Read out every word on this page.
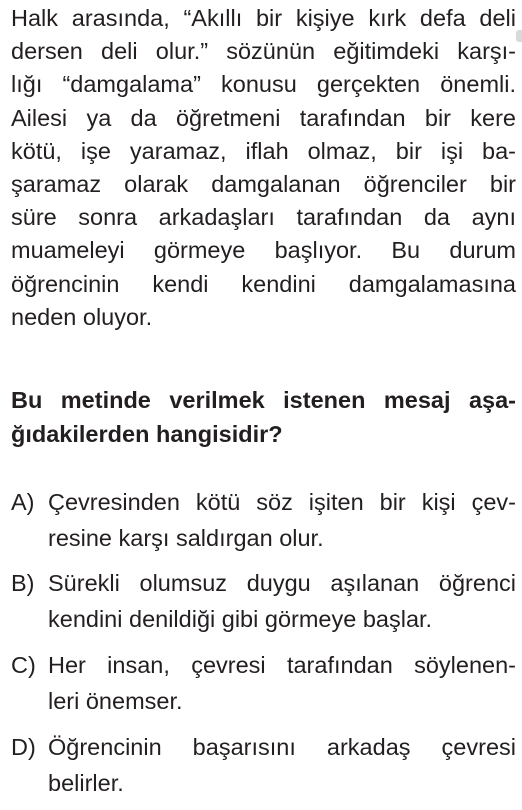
Halk arasında, “Akıllı bir kişiye kırk defa deli
dersen deli olur.” sözünün eğitimdeki karşı-
lığı “damgalama” konusu gerçekten önemli.
Ailesi ya da öğretmeni tarafından bir kere
kötü, işe yaramaz, iflah olmaz, bir işi ba-
şaramaz olarak damgalanan öğrenciler bir
süre sonra arkadaşları tarafından da aynı
muameleyi görmeye başlıyor. Bu durum
öğrencinin kendi kendini damgalamasına
neden oluyor.
Bu metinde verilmek istenen mesaj aşa-
ğıdakilerden hangisidir?
A) Çevresinden kötü söz işiten bir kişi çev-
resine karşı saldırgan olur.
B) Sürekli olumsuz duygu aşılanan öğrenci
kendini denildiği gibi görmeye başlar.
C) Her insan, çevresi tarafından söylenen-
leri önemser.
D) Öğrencinin başarısını arkadaş çevresi
belirler.
